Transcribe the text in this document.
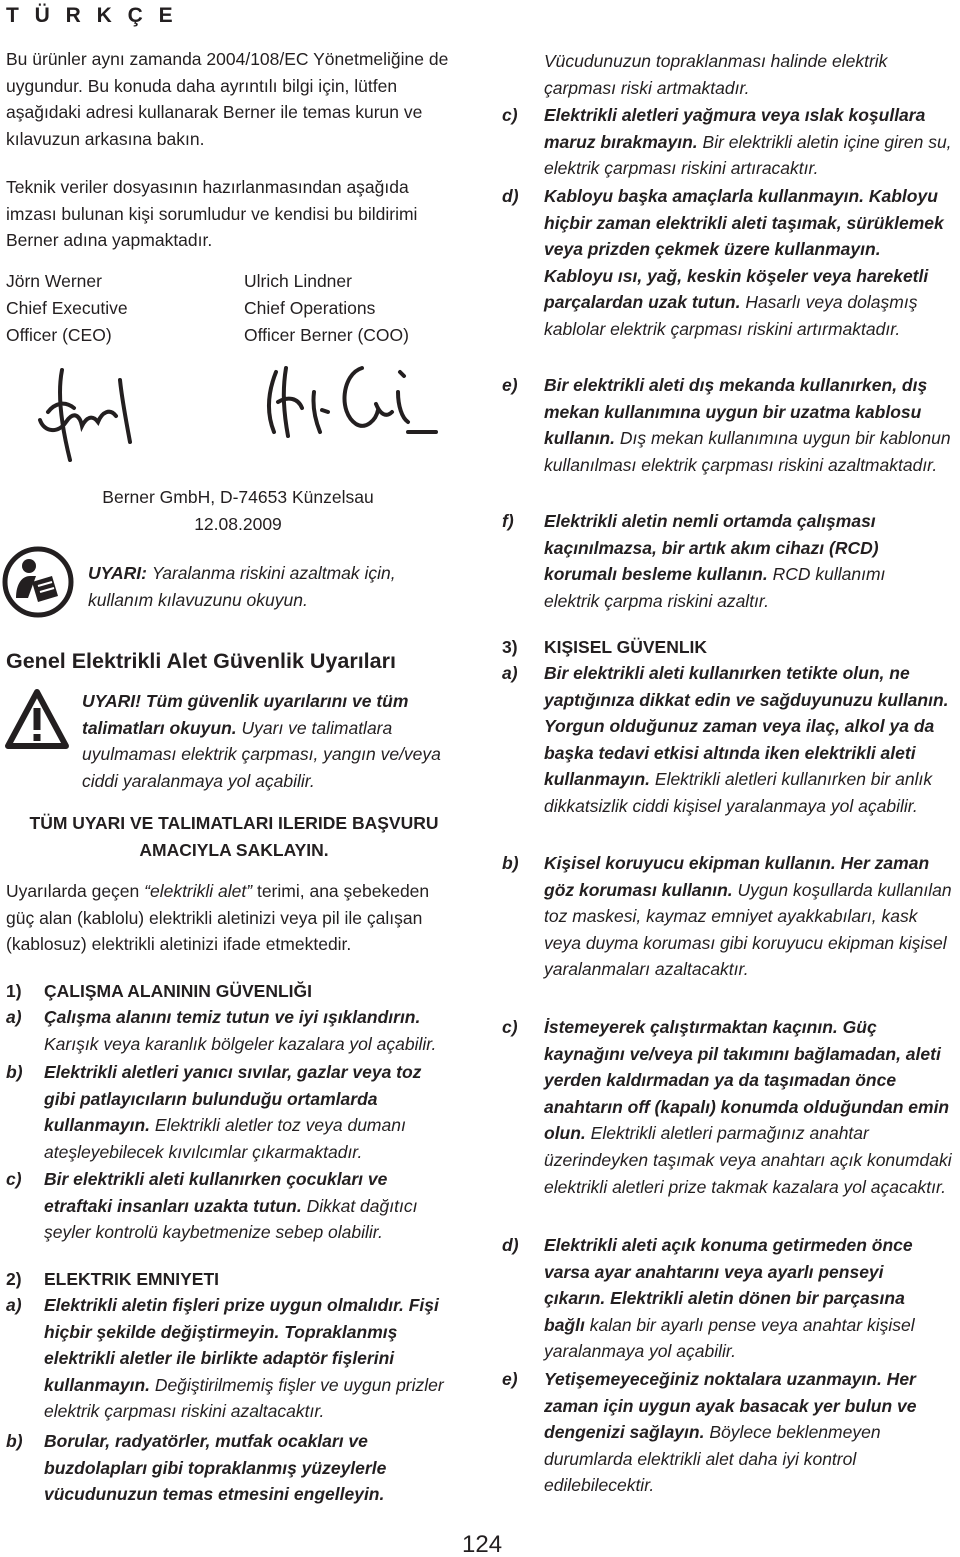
T Ü R K Ç E

Bu ürünler aynı zamanda 2004/108/EC Yönetmeliğine de uygundur. Bu konuda daha ayrıntılı bilgi için, lütfen aşağıdaki adresi kullanarak Berner ile temas kurun ve kılavuzun arkasına bakın.

Teknik veriler dosyasının hazırlanmasından aşağıda imzası bulunan kişi sorumludur ve kendisi bu bildirimi Berner adına yapmaktadır.

Jörn Werner
Chief Executive
Officer (CEO)
Ulrich Lindner
Chief Operations
Officer Berner (COO)
Berner GmbH, D-74653 Künzelsau
12.08.2009
UYARI: Yaralanma riskini azaltmak için, kullanım kılavuzunu okuyun.
Genel Elektrikli Alet Güvenlik Uyarıları
UYARI! Tüm güvenlik uyarılarını ve tüm talimatları okuyun. Uyarı ve talimatlara uyulmaması elektrik çarpması, yangın ve/veya ciddi yaralanmaya yol açabilir.
TÜM UYARI VE TALIMATLARI ILERIDE BAŞVURU
AMACIYLA SAKLAYIN.

Uyarılarda geçen “elektrikli alet” terimi, ana şebekeden güç alan (kablolu) elektrikli aletinizi veya pil ile çalışan (kablosuz) elektrikli aletinizi ifade etmektedir.

1) ÇALIŞMA ALANININ GÜVENLIĞI
a) Çalışma alanını temiz tutun ve iyi ışıklandırın. Karışık veya karanlık bölgeler kazalara yol açabilir.
b) Elektrikli aletleri yanıcı sıvılar, gazlar veya toz gibi patlayıcıların bulunduğu ortamlarda kullanmayın. Elektrikli aletler toz veya dumanı ateşleyebilecek kıvılcımlar çıkarmaktadır.
c) Bir elektrikli aleti kullanırken çocukları ve etraftaki insanları uzakta tutun. Dikkat dağıtıcı şeyler kontrolü kaybetmenize sebep olabilir.
2) ELEKTRIK EMNIYETI
a) Elektrikli aletin fişleri prize uygun olmalıdır. Fişi hiçbir şekilde değiştirmeyin. Topraklanmış elektrikli aletler ile birlikte adaptör fişlerini kullanmayın. Değiştirilmemiş fişler ve uygun prizler elektrik çarpması riskini azaltacaktır.
b) Borular, radyatörler, mutfak ocakları ve buzdolapları gibi topraklanmış yüzeylerle vücudunuzun temas etmesini engelleyin.
Vücudunuzun topraklanması halinde elektrik çarpması riski artmaktadır.
c) Elektrikli aletleri yağmura veya ıslak koşullara maruz bırakmayın. Bir elektrikli aletin içine giren su, elektrik çarpması riskini artıracaktır.
d) Kabloyu başka amaçlarla kullanmayın. Kabloyu hiçbir zaman elektrikli aleti taşımak, sürüklemek veya prizden çekmek üzere kullanmayın. Kabloyu ısı, yağ, keskin köşeler veya hareketli parçalardan uzak tutun. Hasarlı veya dolaşmış kablolar elektrik çarpması riskini artırmaktadır.
e) Bir elektrikli aleti dış mekanda kullanırken, dış mekan kullanımına uygun bir uzatma kablosu kullanın. Dış mekan kullanımına uygun bir kablonun kullanılması elektrik çarpması riskini azaltmaktadır.
f) Elektrikli aletin nemli ortamda çalışması kaçınılmazsa, bir artık akım cihazı (RCD) korumalı besleme kullanın. RCD kullanımı elektrik çarpma riskini azaltır.
3) KIŞISEL GÜVENLIK
a) Bir elektrikli aleti kullanırken tetikte olun, ne yaptığınıza dikkat edin ve sağduyunuzu kullanın. Yorgun olduğunuz zaman veya ilaç, alkol ya da başka tedavi etkisi altında iken elektrikli aleti kullanmayın. Elektrikli aletleri kullanırken bir anlık dikkatsizlik ciddi kişisel yaralanmaya yol açabilir.
b) Kişisel koruyucu ekipman kullanın. Her zaman göz koruması kullanın. Uygun koşullarda kullanılan toz maskesi, kaymaz emniyet ayakkabıları, kask veya duyma koruması gibi koruyucu ekipman kişisel yaralanmaları azaltacaktır.
c) İstemeyerek çalıştırmaktan kaçının. Güç kaynağını ve/veya pil takımını bağlamadan, aleti yerden kaldırmadan ya da taşımadan önce anahtarın off (kapalı) konumda olduğundan emin olun. Elektrikli aletleri parmağınız anahtar üzerindeyken taşımak veya anahtarı açık konumdaki elektrikli aletleri prize takmak kazalara yol açacaktır.
d) Elektrikli aleti açık konuma getirmeden önce varsa ayar anahtarını veya ayarlı penseyi çıkarın. Elektrikli aletin dönen bir parçasına bağlı kalan bir ayarlı pense veya anahtar kişisel yaralanmaya yol açabilir.
e) Yetişemeyeceğiniz noktalara uzanmayın. Her zaman için uygun ayak basacak yer bulun ve dengenizi sağlayın. Böylece beklenmeyen durumlarda elektrikli alet daha iyi kontrol edilebilecektir.
124
